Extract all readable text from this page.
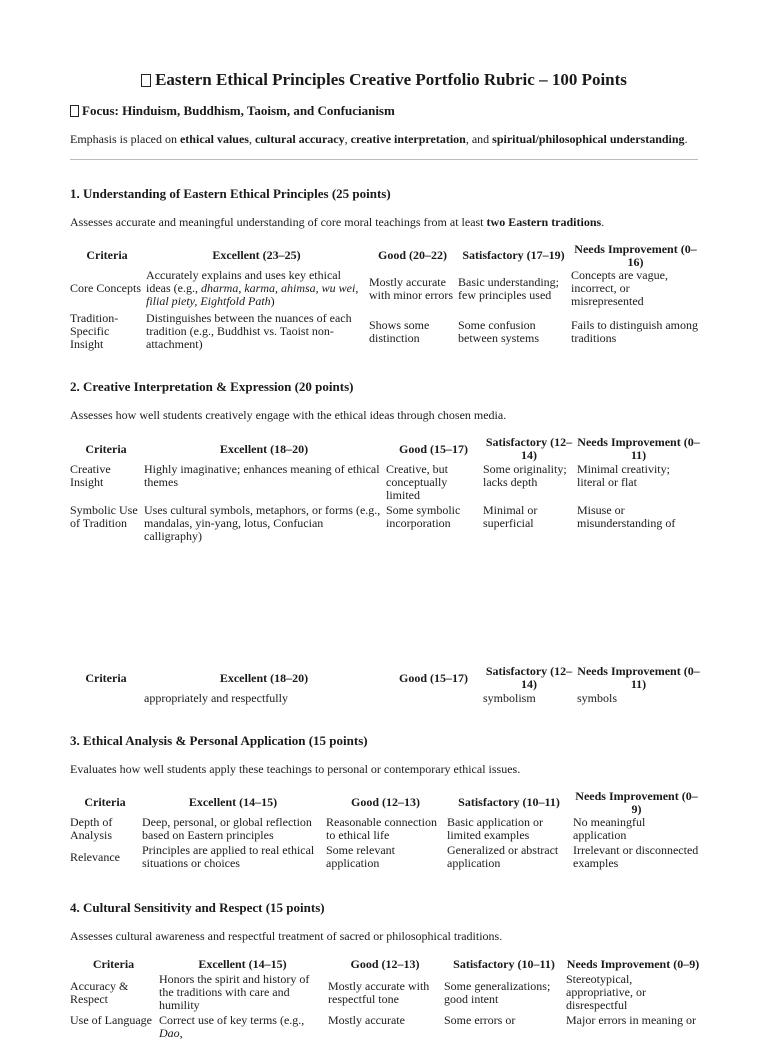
Eastern Ethical Principles Creative Portfolio Rubric – 100 Points
Focus: Hinduism, Buddhism, Taoism, and Confucianism
Emphasis is placed on ethical values, cultural accuracy, creative interpretation, and spiritual/philosophical understanding.
1. Understanding of Eastern Ethical Principles (25 points)
Assesses accurate and meaningful understanding of core moral teachings from at least two Eastern traditions.
Criteria	Excellent (23–25)	Good (20–22)	Satisfactory (17–19)	Needs Improvement (0–16)
Core Concepts	Accurately explains and uses key ethical ideas (e.g., dharma, karma, ahimsa, wu wei, filial piety, Eightfold Path)	Mostly accurate with minor errors	Basic understanding; few principles used	Concepts are vague, incorrect, or misrepresented
Tradition-Specific Insight	Distinguishes between the nuances of each tradition (e.g., Buddhist vs. Taoist non-attachment)	Shows some distinction	Some confusion between systems	Fails to distinguish among traditions
2. Creative Interpretation & Expression (20 points)
Assesses how well students creatively engage with the ethical ideas through chosen media.
Criteria	Excellent (18–20)	Good (15–17)	Satisfactory (12–14)	Needs Improvement (0–11)
Creative Insight	Highly imaginative; enhances meaning of ethical themes	Creative, but conceptually limited	Some originality; lacks depth	Minimal creativity; literal or flat
Symbolic Use of Tradition	Uses cultural symbols, metaphors, or forms (e.g., mandalas, yin-yang, lotus, Confucian calligraphy)	Some symbolic incorporation	Minimal or superficial	Misuse or misunderstanding of
Criteria	Excellent (18–20)	Good (15–17)	Satisfactory (12–14)	Needs Improvement (0–11)
	appropriately and respectfully		symbolism	symbols
3. Ethical Analysis & Personal Application (15 points)
Evaluates how well students apply these teachings to personal or contemporary ethical issues.
Criteria	Excellent (14–15)	Good (12–13)	Satisfactory (10–11)	Needs Improvement (0–9)
Depth of Analysis	Deep, personal, or global reflection based on Eastern principles	Reasonable connection to ethical life	Basic application or limited examples	No meaningful application
Relevance	Principles are applied to real ethical situations or choices	Some relevant application	Generalized or abstract application	Irrelevant or disconnected examples
4. Cultural Sensitivity and Respect (15 points)
Assesses cultural awareness and respectful treatment of sacred or philosophical traditions.
Criteria	Excellent (14–15)	Good (12–13)	Satisfactory (10–11)	Needs Improvement (0–9)
Accuracy & Respect	Honors the spirit and history of the traditions with care and humility	Mostly accurate with respectful tone	Some generalizations; good intent	Stereotypical, appropriative, or disrespectful
Use of Language	Correct use of key terms (e.g., Dao,	Mostly accurate	Some errors or	Major errors in meaning or
